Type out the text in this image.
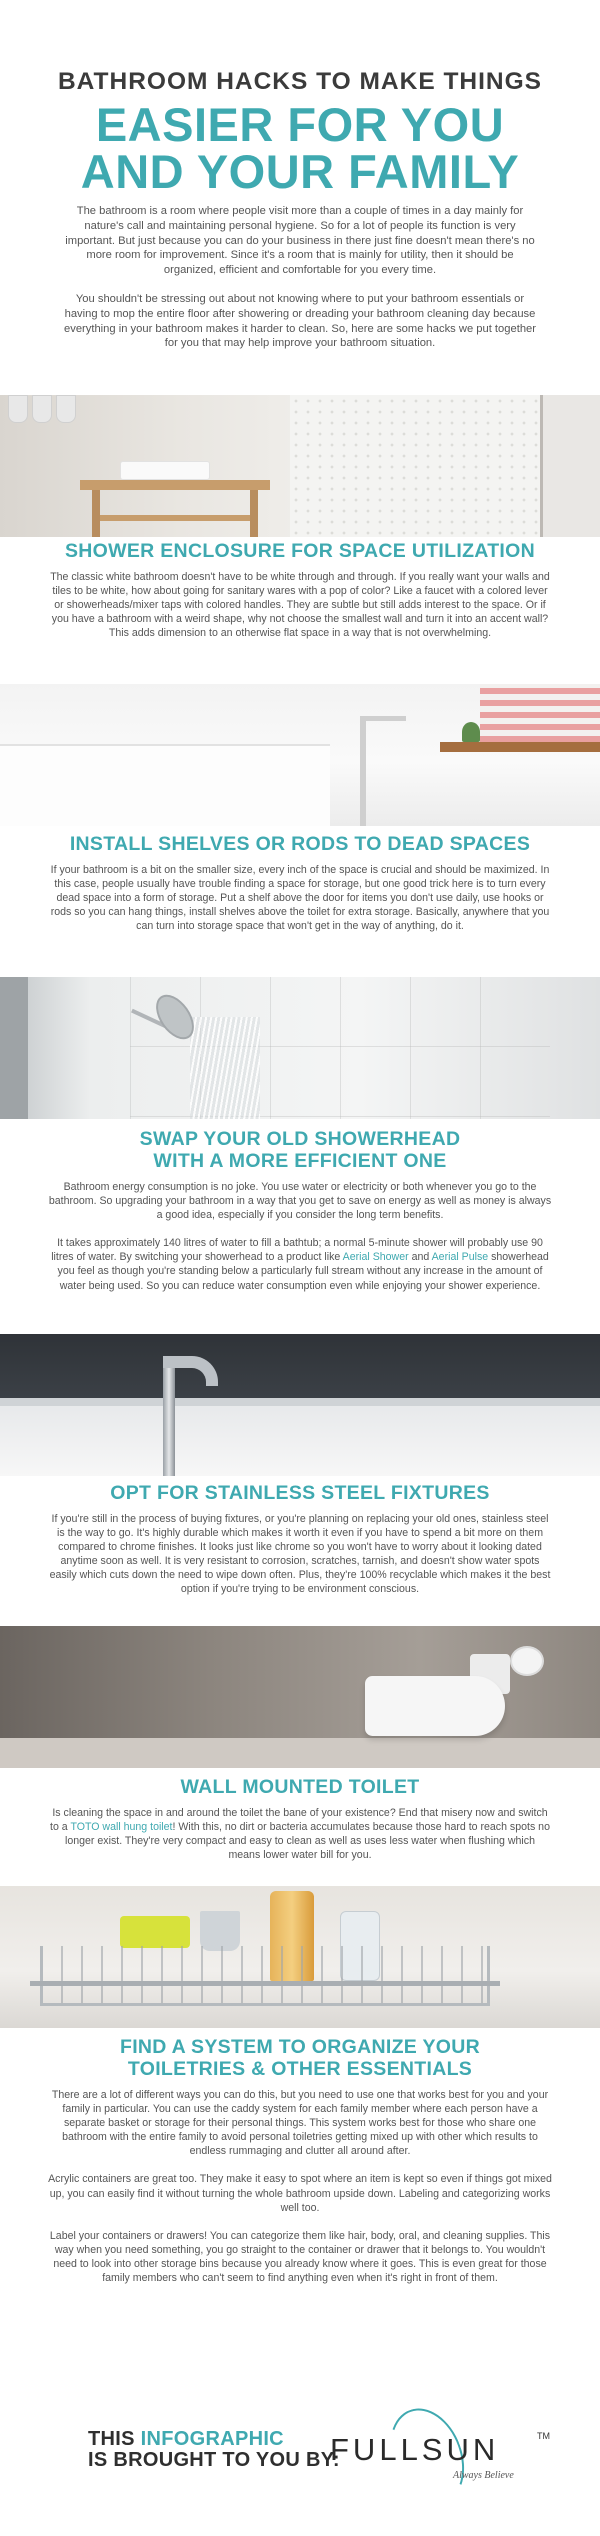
BATHROOM HACKS TO MAKE THINGS
EASIER FOR YOU
AND YOUR FAMILY

The bathroom is a room where people visit more than a couple of times in a day mainly for nature's call and maintaining personal hygiene. So for a lot of people its function is very important. But just because you can do your business in there just fine doesn't mean there's no more room for improvement. Since it's a room that is mainly for utility, then it should be organized, efficient and comfortable for you every time.

You shouldn't be stressing out about not knowing where to put your bathroom essentials or having to mop the entire floor after showering or dreading your bathroom cleaning day because everything in your bathroom makes it harder to clean. So, here are some hacks we put together for you that may help improve your bathroom situation.

SHOWER ENCLOSURE FOR SPACE UTILIZATION

The classic white bathroom doesn't have to be white through and through. If you really want your walls and tiles to be white, how about going for sanitary wares with a pop of color? Like a faucet with a colored lever or showerheads/mixer taps with colored handles. They are subtle but still adds interest to the space. Or if you have a bathroom with a weird shape, why not choose the smallest wall and turn it into an accent wall? This adds dimension to an otherwise flat space in a way that is not overwhelming.

INSTALL SHELVES OR RODS TO DEAD SPACES

If your bathroom is a bit on the smaller size, every inch of the space is crucial and should be maximized. In this case, people usually have trouble finding a space for storage, but one good trick here is to turn every dead space into a form of storage. Put a shelf above the door for items you don't use daily, use hooks or rods so you can hang things, install shelves above the toilet for extra storage. Basically, anywhere that you can turn into storage space that won't get in the way of anything, do it.

SWAP YOUR OLD SHOWERHEAD
WITH A MORE EFFICIENT ONE

Bathroom energy consumption is no joke. You use water or electricity or both whenever you go to the bathroom. So upgrading your bathroom in a way that you get to save on energy as well as money is always a good idea, especially if you consider the long term benefits.

It takes approximately 140 litres of water to fill a bathtub; a normal 5-minute shower will probably use 90 litres of water. By switching your showerhead to a product like Aerial Shower and Aerial Pulse showerhead you feel as though you're standing below a particularly full stream without any increase in the amount of water being used. So you can reduce water consumption even while enjoying your shower experience.

OPT FOR STAINLESS STEEL FIXTURES

If you're still in the process of buying fixtures, or you're planning on replacing your old ones, stainless steel is the way to go. It's highly durable which makes it worth it even if you have to spend a bit more on them compared to chrome finishes. It looks just like chrome so you won't have to worry about it looking dated anytime soon as well. It is very resistant to corrosion, scratches, tarnish, and doesn't show water spots easily which cuts down the need to wipe down often. Plus, they're 100% recyclable which makes it the best option if you're trying to be environment conscious.

WALL MOUNTED TOILET

Is cleaning the space in and around the toilet the bane of your existence? End that misery now and switch to a TOTO wall hung toilet! With this, no dirt or bacteria accumulates because those hard to reach spots no longer exist. They're very compact and easy to clean as well as uses less water when flushing which means lower water bill for you.

FIND A SYSTEM TO ORGANIZE YOUR
TOILETRIES & OTHER ESSENTIALS

There are a lot of different ways you can do this, but you need to use one that works best for you and your family in particular. You can use the caddy system for each family member where each person have a separate basket or storage for their personal things. This system works best for those who share one bathroom with the entire family to avoid personal toiletries getting mixed up with other which results to endless rummaging and clutter all around after.

Acrylic containers are great too. They make it easy to spot where an item is kept so even if things got mixed up, you can easily find it without turning the whole bathroom upside down. Labeling and categorizing works well too.

Label your containers or drawers! You can categorize them like hair, body, oral, and cleaning supplies. This way when you need something, you go straight to the container or drawer that it belongs to. You wouldn't need to look into other storage bins because you already know where it goes. This is even great for those family members who can't seem to find anything even when it's right in front of them.

THIS INFOGRAPHIC
IS BROUGHT TO YOU BY:
FULLSUN	TM
Always Believe
